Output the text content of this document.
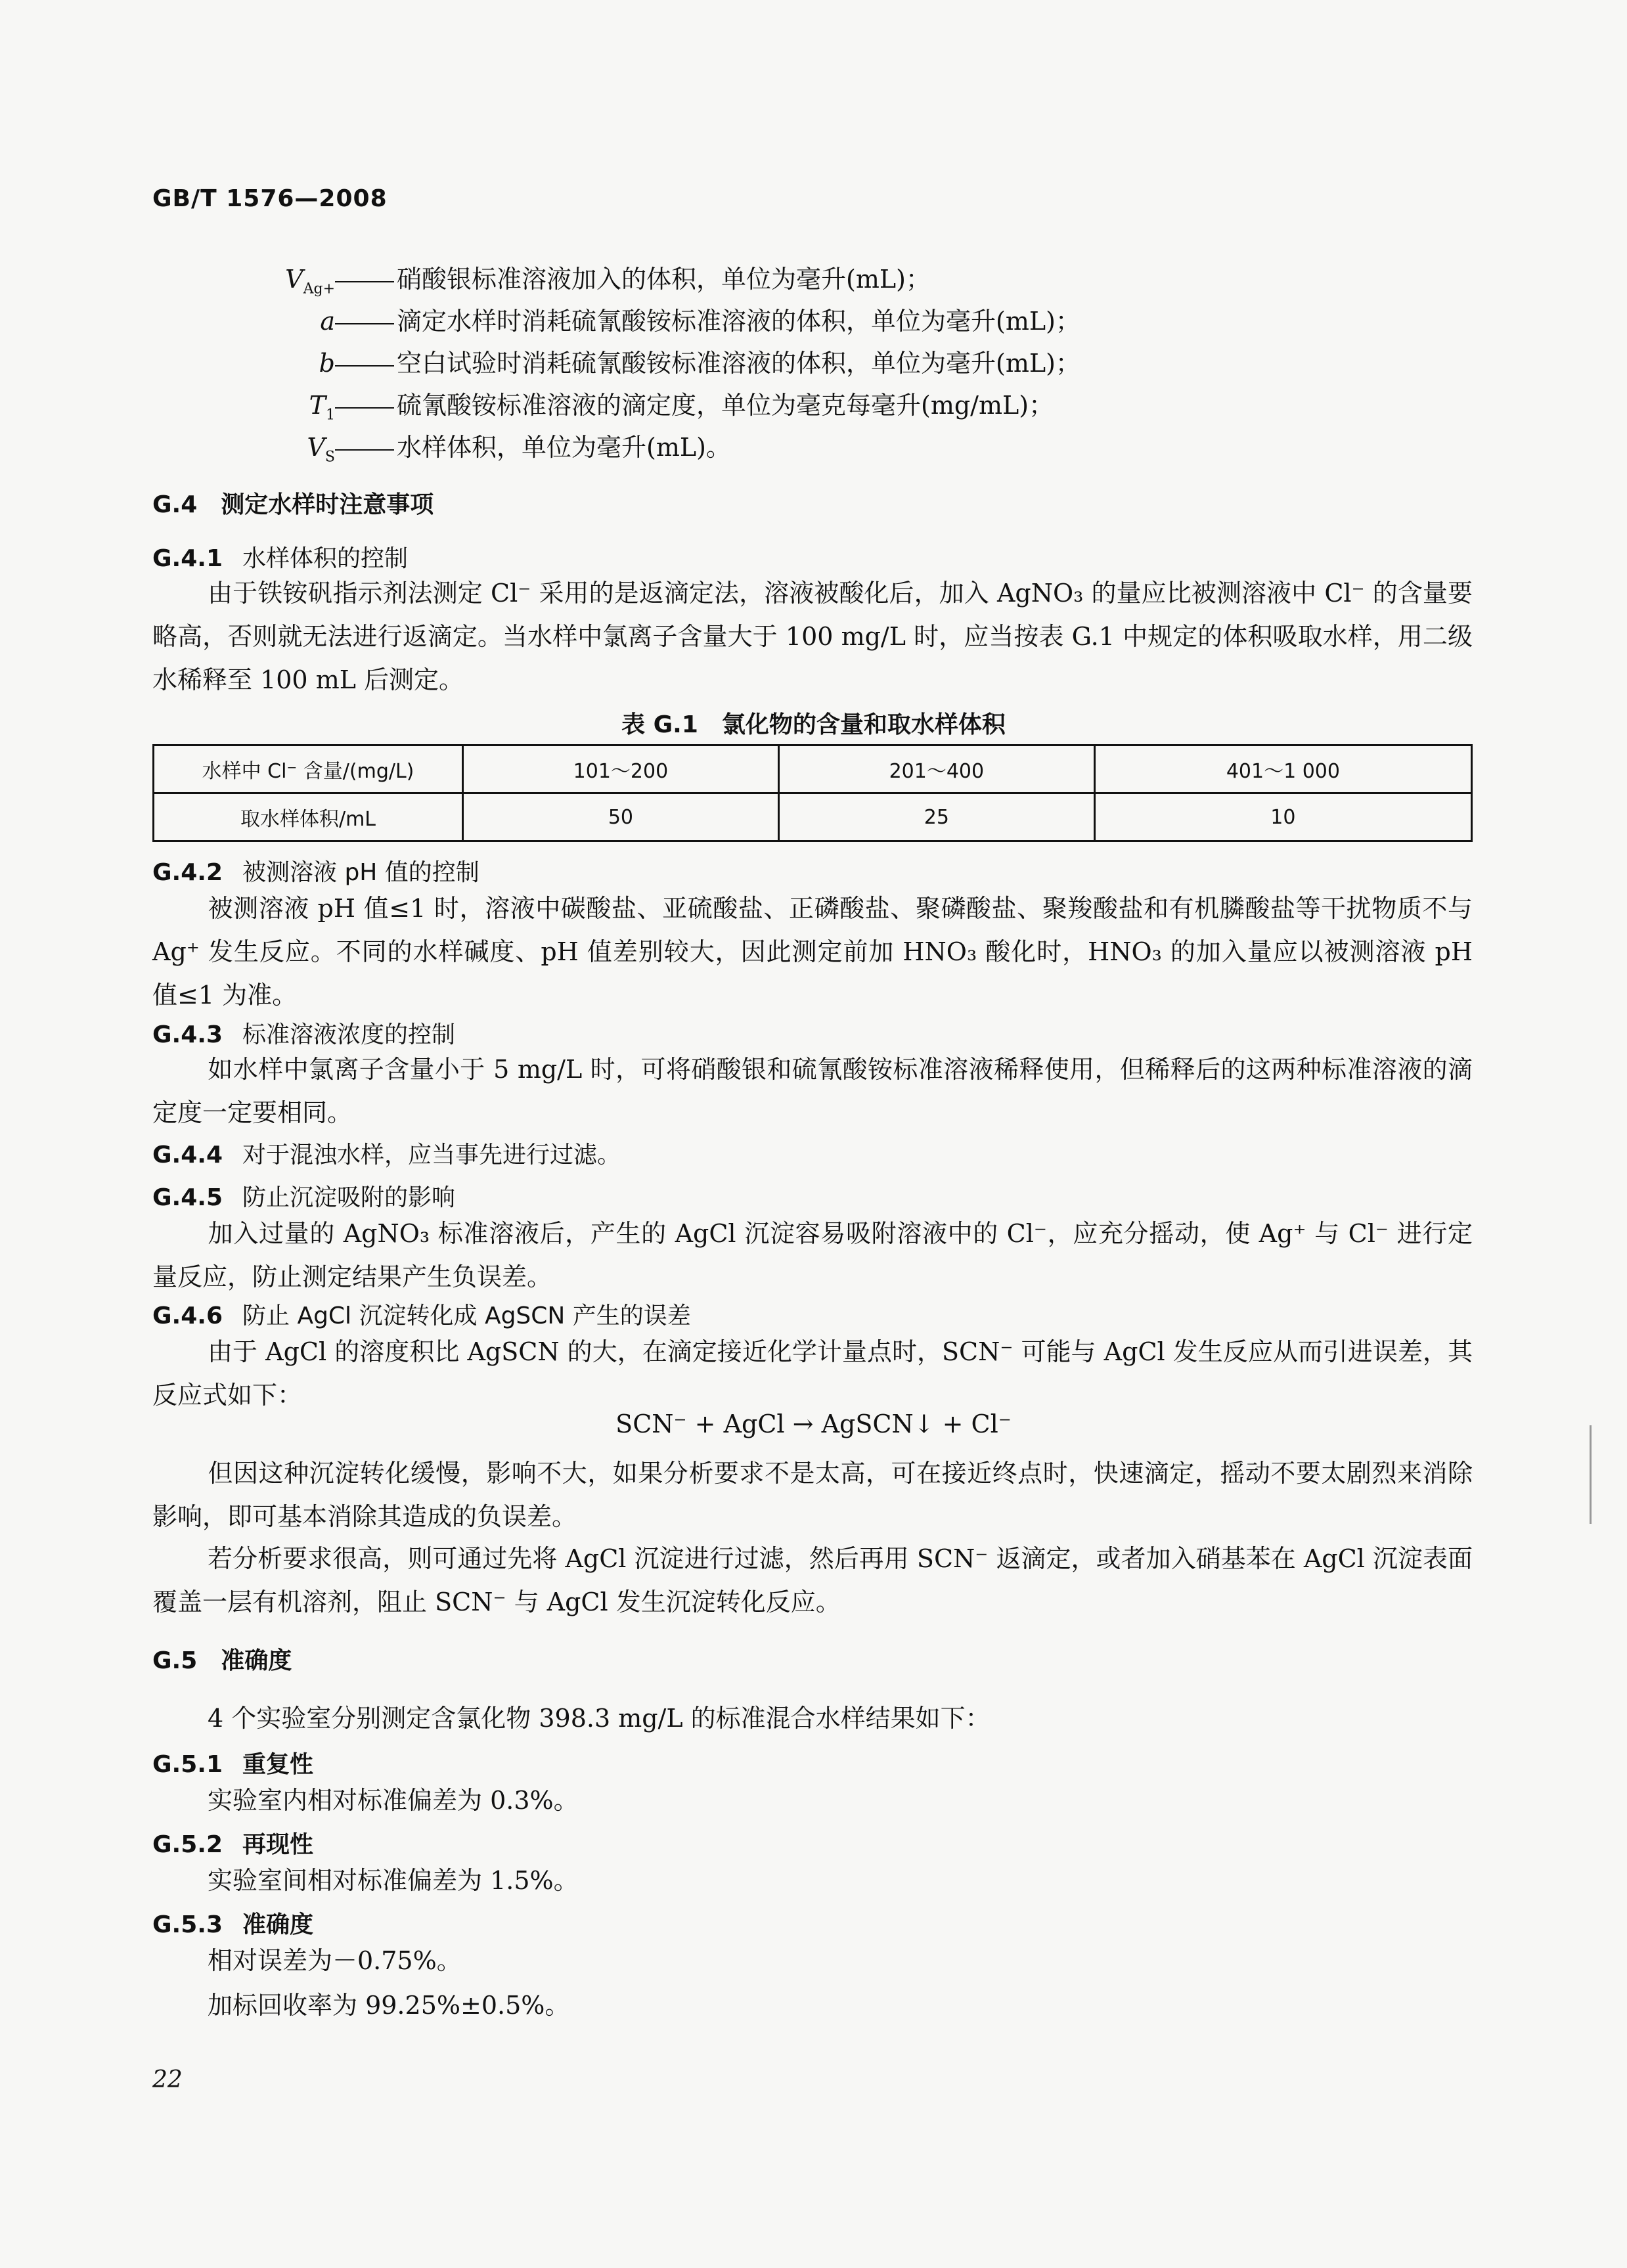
GB/T 1576—2008
$V_{Ag+}$	硝酸银标准溶液加入的体积，单位为毫升(mL)；
a	滴定水样时消耗硫氰酸铵标准溶液的体积，单位为毫升(mL)；
b	空白试验时消耗硫氰酸铵标准溶液的体积，单位为毫升(mL)；
$T_1$	硫氰酸铵标准溶液的滴定度，单位为毫克每毫升(mg/mL)；
$V_S$	水样体积，单位为毫升(mL)。
G.4　测定水样时注意事项
G.4.1 水样体积的控制
由于铁铵矾指示剂法测定 Cl⁻ 采用的是返滴定法，溶液被酸化后，加入 AgNO₃ 的量应比被测溶液中 Cl⁻ 的含量要略高，否则就无法进行返滴定。当水样中氯离子含量大于 100 mg/L 时，应当按表 G.1 中规定的体积吸取水样，用二级水稀释至 100 mL 后测定。
表 G.1　氯化物的含量和取水样体积
水样中 Cl⁻ 含量/(mg/L)	101～200	201～400	401～1 000
取水样体积/mL	50	25	10
G.4.2 被测溶液 pH 值的控制
被测溶液 pH 值≤1 时，溶液中碳酸盐、亚硫酸盐、正磷酸盐、聚磷酸盐、聚羧酸盐和有机膦酸盐等干扰物质不与 Ag⁺ 发生反应。不同的水样碱度、pH 值差别较大，因此测定前加 HNO₃ 酸化时，HNO₃ 的加入量应以被测溶液 pH 值≤1 为准。
G.4.3 标准溶液浓度的控制
如水样中氯离子含量小于 5 mg/L 时，可将硝酸银和硫氰酸铵标准溶液稀释使用，但稀释后的这两种标准溶液的滴定度一定要相同。
G.4.4 对于混浊水样，应当事先进行过滤。
G.4.5 防止沉淀吸附的影响
加入过量的 AgNO₃ 标准溶液后，产生的 AgCl 沉淀容易吸附溶液中的 Cl⁻，应充分摇动，使 Ag⁺ 与 Cl⁻ 进行定量反应，防止测定结果产生负误差。
G.4.6 防止 AgCl 沉淀转化成 AgSCN 产生的误差
由于 AgCl 的溶度积比 AgSCN 的大，在滴定接近化学计量点时，SCN⁻ 可能与 AgCl 发生反应从而引进误差，其反应式如下：
SCN⁻ + AgCl → AgSCN↓ + Cl⁻
但因这种沉淀转化缓慢，影响不大，如果分析要求不是太高，可在接近终点时，快速滴定，摇动不要太剧烈来消除影响，即可基本消除其造成的负误差。
若分析要求很高，则可通过先将 AgCl 沉淀进行过滤，然后再用 SCN⁻ 返滴定，或者加入硝基苯在 AgCl 沉淀表面覆盖一层有机溶剂，阻止 SCN⁻ 与 AgCl 发生沉淀转化反应。
G.5　准确度
4 个实验室分别测定含氯化物 398.3 mg/L 的标准混合水样结果如下：
G.5.1 重复性
实验室内相对标准偏差为 0.3%。
G.5.2 再现性
实验室间相对标准偏差为 1.5%。
G.5.3 准确度
相对误差为－0.75%。
加标回收率为 99.25%±0.5%。
22
